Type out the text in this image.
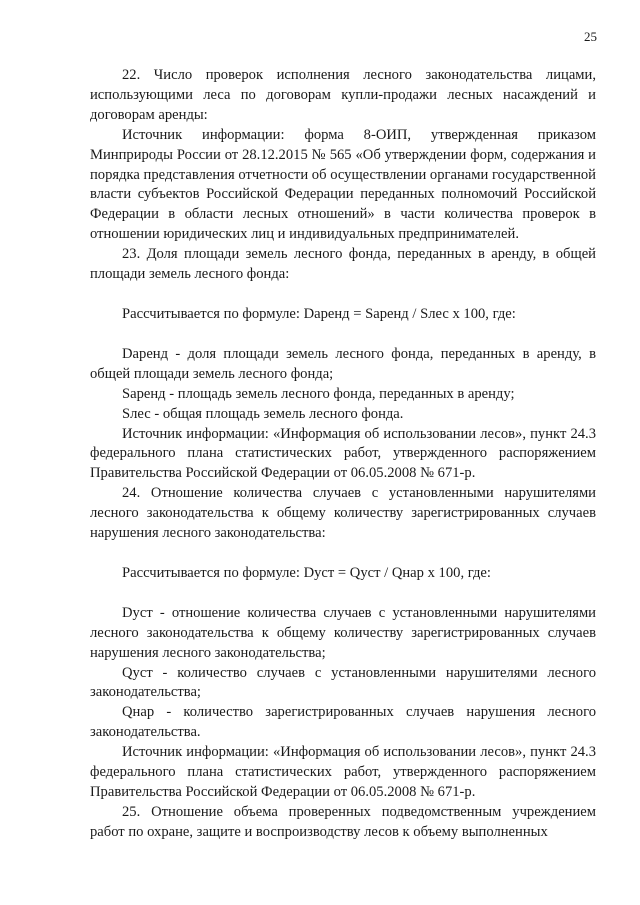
25

22. Число проверок исполнения лесного законодательства лицами, использующими леса по договорам купли-продажи лесных насаждений и договорам аренды:

Источник информации: форма 8-ОИП, утвержденная приказом Минприроды России от 28.12.2015 № 565 «Об утверждении форм, содержания и порядка представления отчетности об осуществлении органами государственной власти субъектов Российской Федерации переданных полномочий Российской Федерации в области лесных отношений» в части количества проверок в отношении юридических лиц и индивидуальных предпринимателей.

23. Доля площади земель лесного фонда, переданных в аренду, в общей площади земель лесного фонда:

Рассчитывается по формуле: Dаренд = Sаренд / Sлес x 100, где:

Dаренд - доля площади земель лесного фонда, переданных в аренду, в общей площади земель лесного фонда;

Sаренд - площадь земель лесного фонда, переданных в аренду;

Sлес - общая площадь земель лесного фонда.

Источник информации: «Информация об использовании лесов», пункт 24.3 федерального плана статистических работ, утвержденного распоряжением Правительства Российской Федерации от 06.05.2008 № 671-р.

24. Отношение количества случаев с установленными нарушителями лесного законодательства к общему количеству зарегистрированных случаев нарушения лесного законодательства:

Рассчитывается по формуле: Dуст = Qуст / Qнар x 100, где:

Dуст - отношение количества случаев с установленными нарушителями лесного законодательства к общему количеству зарегистрированных случаев нарушения лесного законодательства;

Qуст - количество случаев с установленными нарушителями лесного законодательства;

Qнар - количество зарегистрированных случаев нарушения лесного законодательства.

Источник информации: «Информация об использовании лесов», пункт 24.3 федерального плана статистических работ, утвержденного распоряжением Правительства Российской Федерации от 06.05.2008 № 671-р.

25. Отношение объема проверенных подведомственным учреждением работ по охране, защите и воспроизводству лесов к объему выполненных
